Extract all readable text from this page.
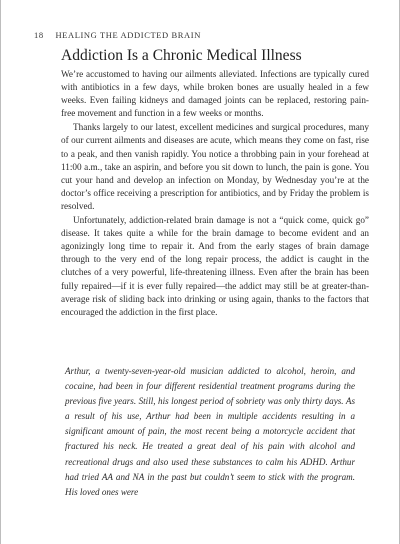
18 HEALING THE ADDICTED BRAIN
Addiction Is a Chronic Medical Illness

We’re accustomed to having our ailments alleviated. Infections are typically cured with antibiotics in a few days, while broken bones are usually healed in a few weeks. Even failing kidneys and damaged joints can be replaced, restoring pain-free movement and function in a few weeks or months.

Thanks largely to our latest, excellent medicines and surgical procedures, many of our current ailments and diseases are acute, which means they come on fast, rise to a peak, and then vanish rapidly. You notice a throbbing pain in your forehead at 11:00 a.m., take an aspirin, and before you sit down to lunch, the pain is gone. You cut your hand and develop an infection on Monday, by Wednesday you’re at the doctor’s office receiving a prescription for antibiotics, and by Friday the problem is resolved.

Unfortunately, addiction-related brain damage is not a “quick come, quick go” disease. It takes quite a while for the brain damage to become evident and an agonizingly long time to repair it. And from the early stages of brain damage through to the very end of the long repair process, the addict is caught in the clutches of a very powerful, life-threatening illness. Even after the brain has been fully repaired—if it is ever fully repaired—the addict may still be at greater-than-average risk of sliding back into drinking or using again, thanks to the factors that encouraged the addiction in the first place.

Arthur, a twenty-seven-year-old musician addicted to alcohol, heroin, and cocaine, had been in four different residential treatment programs during the previous five years. Still, his longest period of sobriety was only thirty days. As a result of his use, Arthur had been in multiple accidents resulting in a significant amount of pain, the most recent being a motorcycle accident that fractured his neck. He treated a great deal of his pain with alcohol and recreational drugs and also used these substances to calm his ADHD. Arthur had tried AA and NA in the past but couldn’t seem to stick with the program. His loved ones were
